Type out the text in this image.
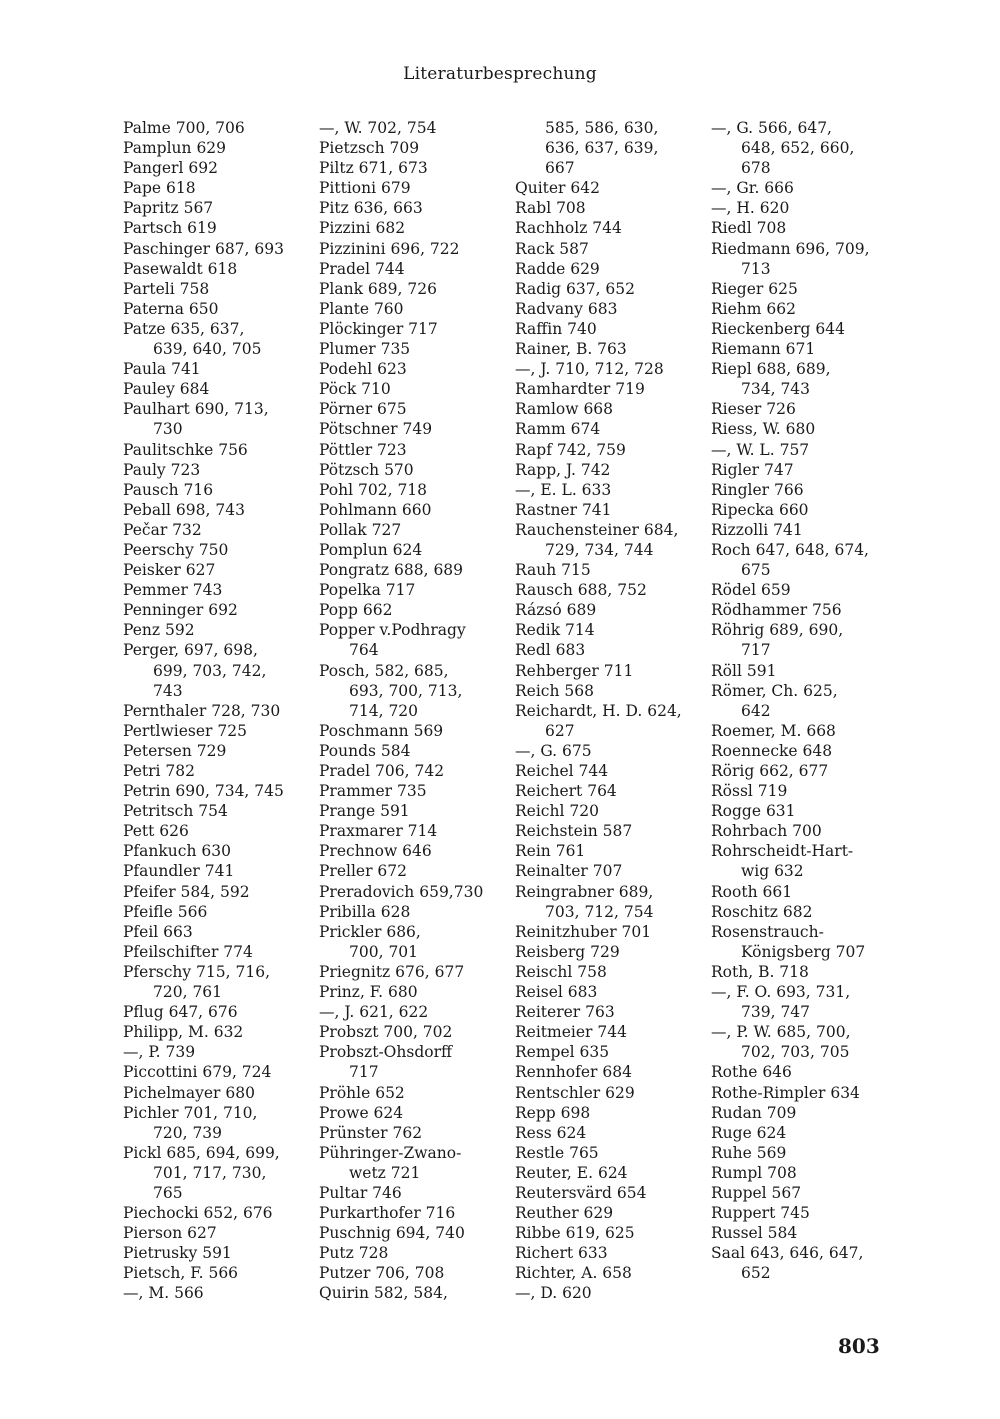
Literaturbesprechung
Palme 700, 706
Pamplun 629
Pangerl 692
Pape 618
Papritz 567
Partsch 619
Paschinger 687, 693
Pasewaldt 618
Parteli 758
Paterna 650
Patze 635, 637,
639, 640, 705
Paula 741
Pauley 684
Paulhart 690, 713,
730
Paulitschke 756
Pauly 723
Pausch 716
Peball 698, 743
Pečar 732
Peerschy 750
Peisker 627
Pemmer 743
Penninger 692
Penz 592
Perger, 697, 698,
699, 703, 742,
743
Pernthaler 728, 730
Pertlwieser 725
Petersen 729
Petri 782
Petrin 690, 734, 745
Petritsch 754
Pett 626
Pfankuch 630
Pfaundler 741
Pfeifer 584, 592
Pfeifle 566
Pfeil 663
Pfeilschifter 774
Pferschy 715, 716,
720, 761
Pflug 647, 676
Philipp, M. 632
—, P. 739
Piccottini 679, 724
Pichelmayer 680
Pichler 701, 710,
720, 739
Pickl 685, 694, 699,
701, 717, 730,
765
Piechocki 652, 676
Pierson 627
Pietrusky 591
Pietsch, F. 566
—, M. 566
—, W. 702, 754
Pietzsch 709
Piltz 671, 673
Pittioni 679
Pitz 636, 663
Pizzini 682
Pizzinini 696, 722
Pradel 744
Plank 689, 726
Plante 760
Plöckinger 717
Plumer 735
Podehl 623
Pöck 710
Pörner 675
Pötschner 749
Pöttler 723
Pötzsch 570
Pohl 702, 718
Pohlmann 660
Pollak 727
Pomplun 624
Pongratz 688, 689
Popelka 717
Popp 662
Popper v.Podhragy
764
Posch, 582, 685,
693, 700, 713,
714, 720
Poschmann 569
Pounds 584
Pradel 706, 742
Prammer 735
Prange 591
Praxmarer 714
Prechnow 646
Preller 672
Preradovich 659,730
Pribilla 628
Prickler 686,
700, 701
Priegnitz 676, 677
Prinz, F. 680
—, J. 621, 622
Probszt 700, 702
Probszt-Ohsdorff
717
Pröhle 652
Prowe 624
Prünster 762
Pühringer-Zwano-
wetz 721
Pultar 746
Purkarthofer 716
Puschnig 694, 740
Putz 728
Putzer 706, 708
Quirin 582, 584,
585, 586, 630,
636, 637, 639,
667
Quiter 642
Rabl 708
Rachholz 744
Rack 587
Radde 629
Radig 637, 652
Radvany 683
Raffin 740
Rainer, B. 763
—, J. 710, 712, 728
Ramhardter 719
Ramlow 668
Ramm 674
Rapf 742, 759
Rapp, J. 742
—, E. L. 633
Rastner 741
Rauchensteiner 684,
729, 734, 744
Rauh 715
Rausch 688, 752
Rázsó 689
Redik 714
Redl 683
Rehberger 711
Reich 568
Reichardt, H. D. 624,
627
—, G. 675
Reichel 744
Reichert 764
Reichl 720
Reichstein 587
Rein 761
Reinalter 707
Reingrabner 689,
703, 712, 754
Reinitzhuber 701
Reisberg 729
Reischl 758
Reisel 683
Reiterer 763
Reitmeier 744
Rempel 635
Rennhofer 684
Rentschler 629
Repp 698
Ress 624
Restle 765
Reuter, E. 624
Reutersvärd 654
Reuther 629
Ribbe 619, 625
Richert 633
Richter, A. 658
—, D. 620
—, G. 566, 647,
648, 652, 660,
678
—, Gr. 666
—, H. 620
Riedl 708
Riedmann 696, 709,
713
Rieger 625
Riehm 662
Rieckenberg 644
Riemann 671
Riepl 688, 689,
734, 743
Rieser 726
Riess, W. 680
—, W. L. 757
Rigler 747
Ringler 766
Ripecka 660
Rizzolli 741
Roch 647, 648, 674,
675
Rödel 659
Rödhammer 756
Röhrig 689, 690,
717
Röll 591
Römer, Ch. 625,
642
Roemer, M. 668
Roennecke 648
Rörig 662, 677
Rössl 719
Rogge 631
Rohrbach 700
Rohrscheidt-Hart-
wig 632
Rooth 661
Roschitz 682
Rosenstrauch-
Königsberg 707
Roth, B. 718
—, F. O. 693, 731,
739, 747
—, P. W. 685, 700,
702, 703, 705
Rothe 646
Rothe-Rimpler 634
Rudan 709
Ruge 624
Ruhe 569
Rumpl 708
Ruppel 567
Ruppert 745
Russel 584
Saal 643, 646, 647,
652
803
